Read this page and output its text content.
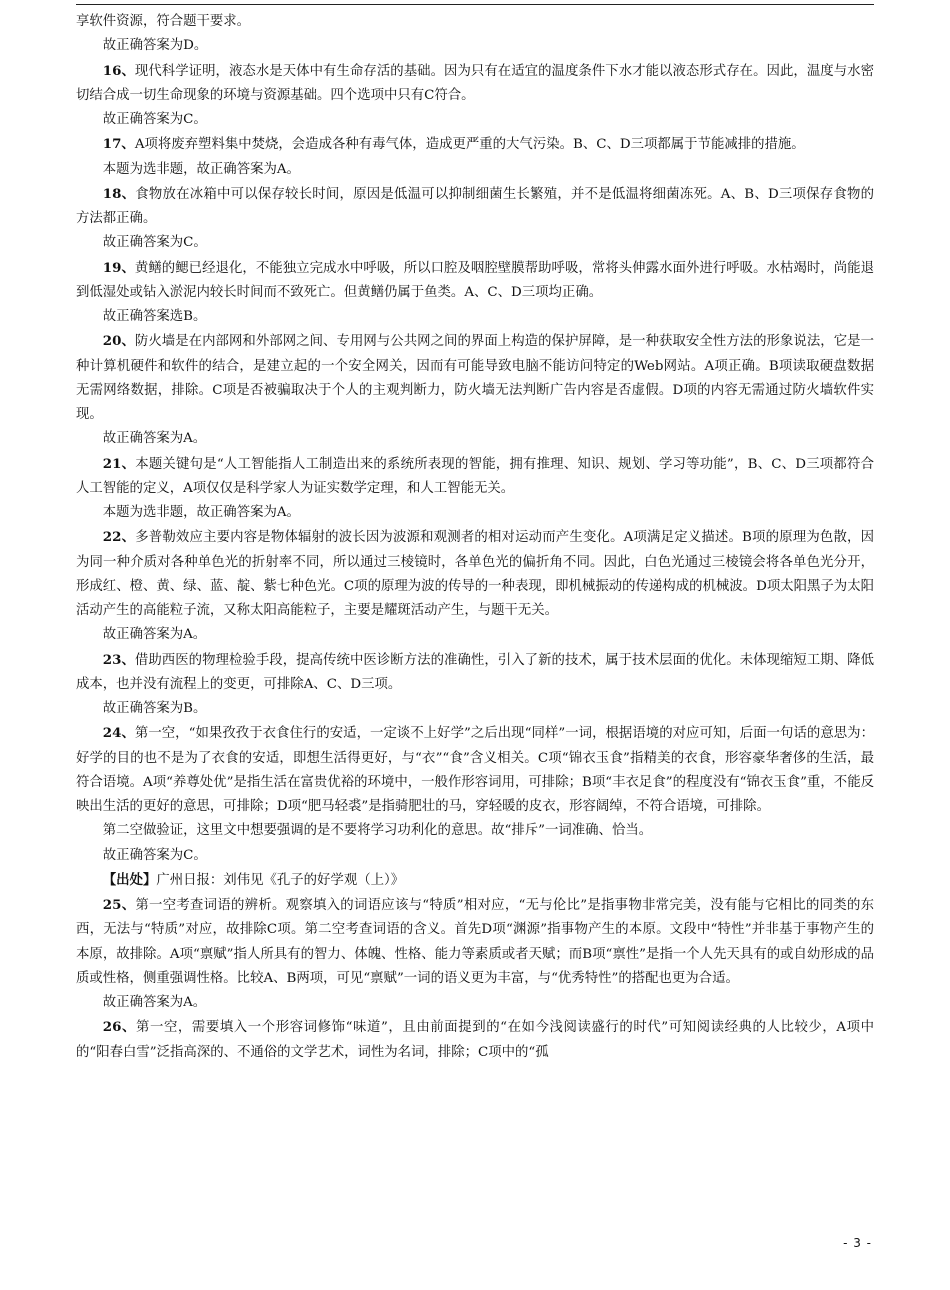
享软件资源，符合题干要求。

故正确答案为D。

16、现代科学证明，液态水是天体中有生命存活的基础。因为只有在适宜的温度条件下水才能以液态形式存在。因此，温度与水密切结合成一切生命现象的环境与资源基础。四个选项中只有C符合。

故正确答案为C。

17、A项将废弃塑料集中焚烧，会造成各种有毒气体，造成更严重的大气污染。B、C、D三项都属于节能减排的措施。

本题为选非题，故正确答案为A。

18、食物放在冰箱中可以保存较长时间，原因是低温可以抑制细菌生长繁殖，并不是低温将细菌冻死。A、B、D三项保存食物的方法都正确。

故正确答案为C。

19、黄鳝的鳃已经退化，不能独立完成水中呼吸，所以口腔及咽腔壁膜帮助呼吸，常将头伸露水面外进行呼吸。水枯竭时，尚能退到低湿处或钻入淤泥内较长时间而不致死亡。但黄鳝仍属于鱼类。A、C、D三项均正确。

故正确答案选B。

20、防火墙是在内部网和外部网之间、专用网与公共网之间的界面上构造的保护屏障，是一种获取安全性方法的形象说法，它是一种计算机硬件和软件的结合，是建立起的一个安全网关，因而有可能导致电脑不能访问特定的Web网站。A项正确。B项读取硬盘数据无需网络数据，排除。C项是否被骗取决于个人的主观判断力，防火墙无法判断广告内容是否虚假。D项的内容无需通过防火墙软件实现。

故正确答案为A。

21、本题关键句是“人工智能指人工制造出来的系统所表现的智能，拥有推理、知识、规划、学习等功能”，B、C、D三项都符合人工智能的定义，A项仅仅是科学家人为证实数学定理，和人工智能无关。

本题为选非题，故正确答案为A。

22、多普勒效应主要内容是物体辐射的波长因为波源和观测者的相对运动而产生变化。A项满足定义描述。B项的原理为色散，因为同一种介质对各种单色光的折射率不同，所以通过三棱镜时，各单色光的偏折角不同。因此，白色光通过三棱镜会将各单色光分开，形成红、橙、黄、绿、蓝、靛、紫七种色光。C项的原理为波的传导的一种表现，即机械振动的传递构成的机械波。D项太阳黑子为太阳活动产生的高能粒子流，又称太阳高能粒子，主要是耀斑活动产生，与题干无关。

故正确答案为A。

23、借助西医的物理检验手段，提高传统中医诊断方法的准确性，引入了新的技术，属于技术层面的优化。未体现缩短工期、降低成本，也并没有流程上的变更，可排除A、C、D三项。

故正确答案为B。

24、第一空，“如果孜孜于衣食住行的安适，一定谈不上好学”之后出现“同样”一词，根据语境的对应可知，后面一句话的意思为：好学的目的也不是为了衣食的安适，即想生活得更好，与“衣”“食”含义相关。C项“锦衣玉食”指精美的衣食，形容豪华奢侈的生活，最符合语境。A项“养尊处优”是指生活在富贵优裕的环境中，一般作形容词用，可排除；B项“丰衣足食”的程度没有“锦衣玉食”重，不能反映出生活的更好的意思，可排除；D项“肥马轻裘”是指骑肥壮的马，穿轻暖的皮衣，形容阔绰，不符合语境，可排除。

第二空做验证，这里文中想要强调的是不要将学习功利化的意思。故“排斥”一词准确、恰当。

故正确答案为C。

【出处】广州日报：刘伟见《孔子的好学观（上）》

25、第一空考查词语的辨析。观察填入的词语应该与“特质”相对应，“无与伦比”是指事物非常完美，没有能与它相比的同类的东西，无法与“特质”对应，故排除C项。第二空考查词语的含义。首先D项“渊源”指事物产生的本原。文段中“特性”并非基于事物产生的本原，故排除。A项“禀赋”指人所具有的智力、体魄、性格、能力等素质或者天赋；而B项“禀性”是指一个人先天具有的或自幼形成的品质或性格，侧重强调性格。比较A、B两项，可见“禀赋”一词的语义更为丰富，与“优秀特性”的搭配也更为合适。

故正确答案为A。

26、第一空，需要填入一个形容词修饰“味道”，且由前面提到的“在如今浅阅读盛行的时代”可知阅读经典的人比较少，A项中的“阳春白雪”泛指高深的、不通俗的文学艺术，词性为名词，排除；C项中的“孤

- 3 -
